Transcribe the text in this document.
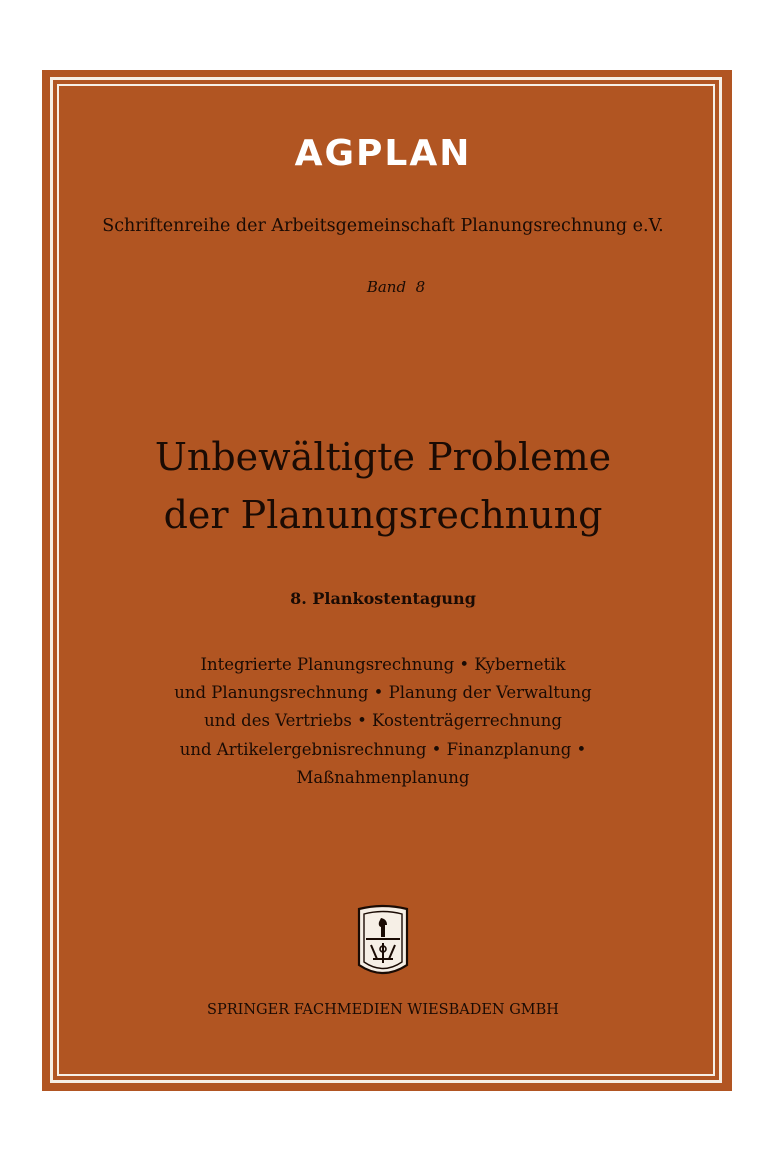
AGPLAN
Schriftenreihe der Arbeitsgemeinschaft Planungsrechnung e.V.
Band  8
Unbewältigte Probleme
der Planungsrechnung
8. Plankostentagung
Integrierte Planungsrechnung • Kybernetik
und Planungsrechnung • Planung der Verwaltung
und des Vertriebs • Kostenträgerrechnung
und Artikelergebnisrechnung • Finanzplanung •
Maßnahmenplanung
SPRINGER FACHMEDIEN WIESBADEN GMBH
